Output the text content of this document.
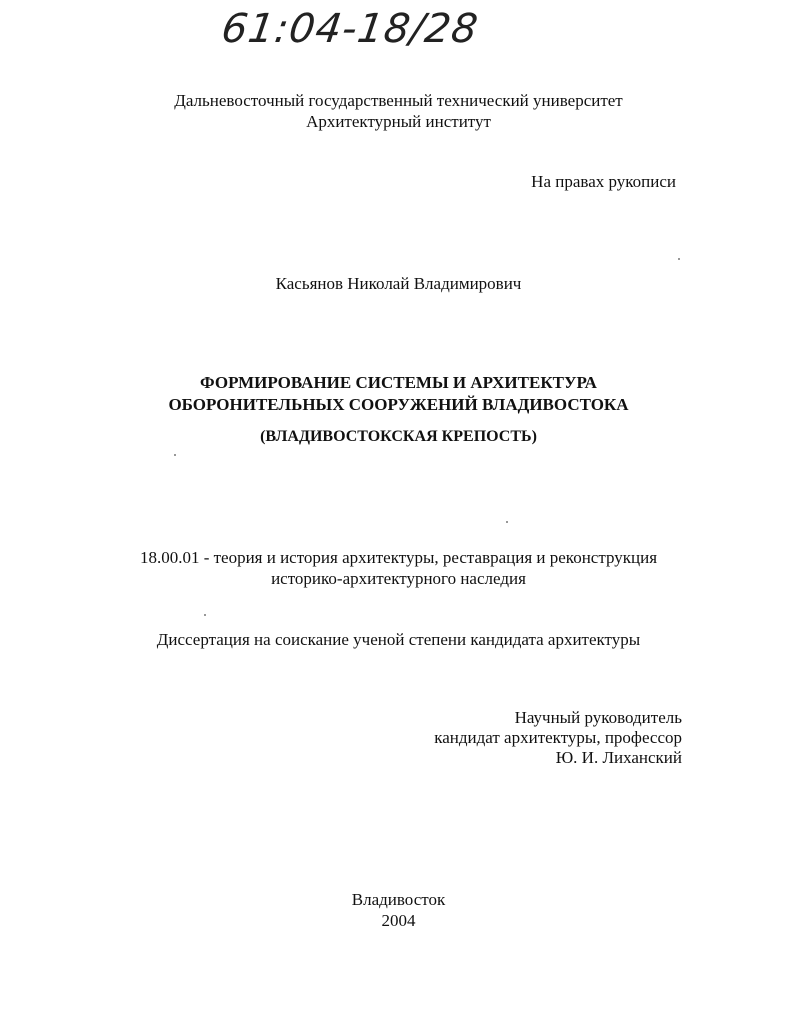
61:04-18/28
Дальневосточный государственный технический университет
Архитектурный институт
На правах рукописи
Касьянов Николай Владимирович
ФОРМИРОВАНИЕ СИСТЕМЫ И АРХИТЕКТУРА
ОБОРОНИТЕЛЬНЫХ СООРУЖЕНИЙ ВЛАДИВОСТОКА
(ВЛАДИВОСТОКСКАЯ КРЕПОСТЬ)
18.00.01 - теория и история архитектуры, реставрация и реконструкция
историко-архитектурного наследия
Диссертация на соискание ученой степени кандидата архитектуры
Научный руководитель
кандидат архитектуры, профессор
Ю. И. Лиханский
Владивосток
2004
